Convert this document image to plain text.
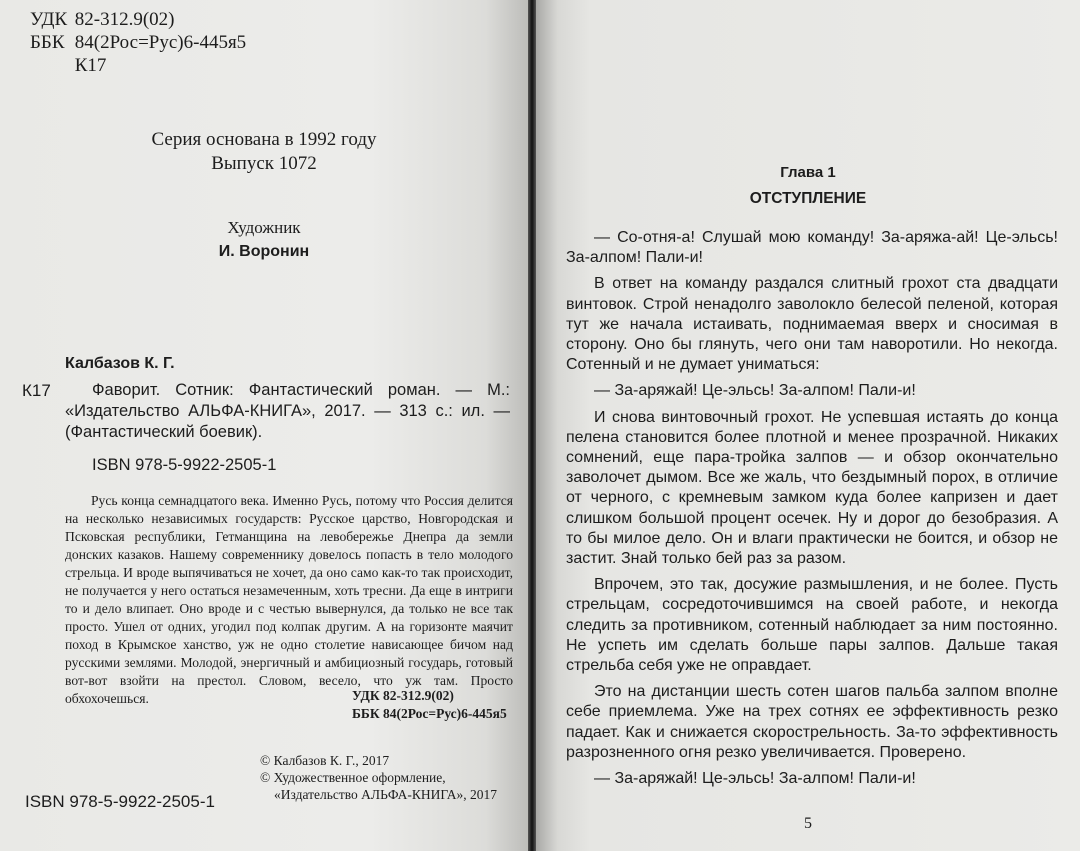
УДК 82-312.9(02)
ББК 84(2Рос=Рус)6-445я5
К17
Серия основана в 1992 году
Выпуск 1072
Художник
И. Воронин
Калбазов К. Г.
К17	Фаворит. Сотник: Фантастический роман. — М.: «Издательство АЛЬФА-КНИГА», 2017. — 313 с.: ил. — (Фантастический боевик).
ISBN 978-5-9922-2505-1
Русь конца семнадцатого века. Именно Русь, потому что Россия делится на несколько независимых государств: Русское царство, Новгородская и Псковская республики, Гетманщина на левобережье Днепра да земли донских казаков. Нашему современнику довелось попасть в тело молодого стрельца. И вроде выпячиваться не хочет, да оно само как-то так происходит, не получается у него остаться незамеченным, хоть тресни. Да еще в интриги то и дело влипает. Оно вроде и с честью вывернулся, да только не все так просто. Ушел от одних, угодил под колпак другим. А на горизонте маячит поход в Крымское ханство, уж не одно столетие нависающее бичом над русскими землями. Молодой, энергичный и амбициозный государь, готовый вот-вот взойти на престол. Словом, весело, что уж там. Просто обхохочешься.	УДК 82-312.9(02)
ББК 84(2Рос=Рус)6-445я5
© Калбазов К. Г., 2017
© Художественное оформление,
«Издательство АЛЬФА-КНИГА», 2017
ISBN 978-5-9922-2505-1
Глава 1
ОТСТУПЛЕНИЕ

— Со-отня-а! Слушай мою команду! За-аряжа-ай! Це-эльсь! За-алпом! Пали-и!

В ответ на команду раздался слитный грохот ста двадцати винтовок. Строй ненадолго заволокло белесой пеленой, которая тут же начала истаивать, поднимаемая вверх и сносимая в сторону. Оно бы глянуть, чего они там наворотили. Но некогда. Сотенный и не думает униматься:

— За-аряжай! Це-эльсь! За-алпом! Пали-и!

И снова винтовочный грохот. Не успевшая истаять до конца пелена становится более плотной и менее прозрачной. Никаких сомнений, еще пара-тройка залпов — и обзор окончательно заволочет дымом. Все же жаль, что бездымный порох, в отличие от черного, с кремневым замком куда более капризен и дает слишком большой процент осечек. Ну и дорог до безобразия. А то бы милое дело. Он и влаги практически не боится, и обзор не застит. Знай только бей раз за разом.

Впрочем, это так, досужие размышления, и не более. Пусть стрельцам, сосредоточившимся на своей работе, и некогда следить за противником, сотенный наблюдает за ним постоянно. Не успеть им сделать больше пары залпов. Дальше такая стрельба себя уже не оправдает.

Это на дистанции шесть сотен шагов пальба залпом вполне себе приемлема. Уже на трех сотнях ее эффективность резко падает. Как и снижается скорострельность. За-то эффективность разрозненного огня резко увеличивается. Проверено.

— За-аряжай! Це-эльсь! За-алпом! Пали-и!

5
